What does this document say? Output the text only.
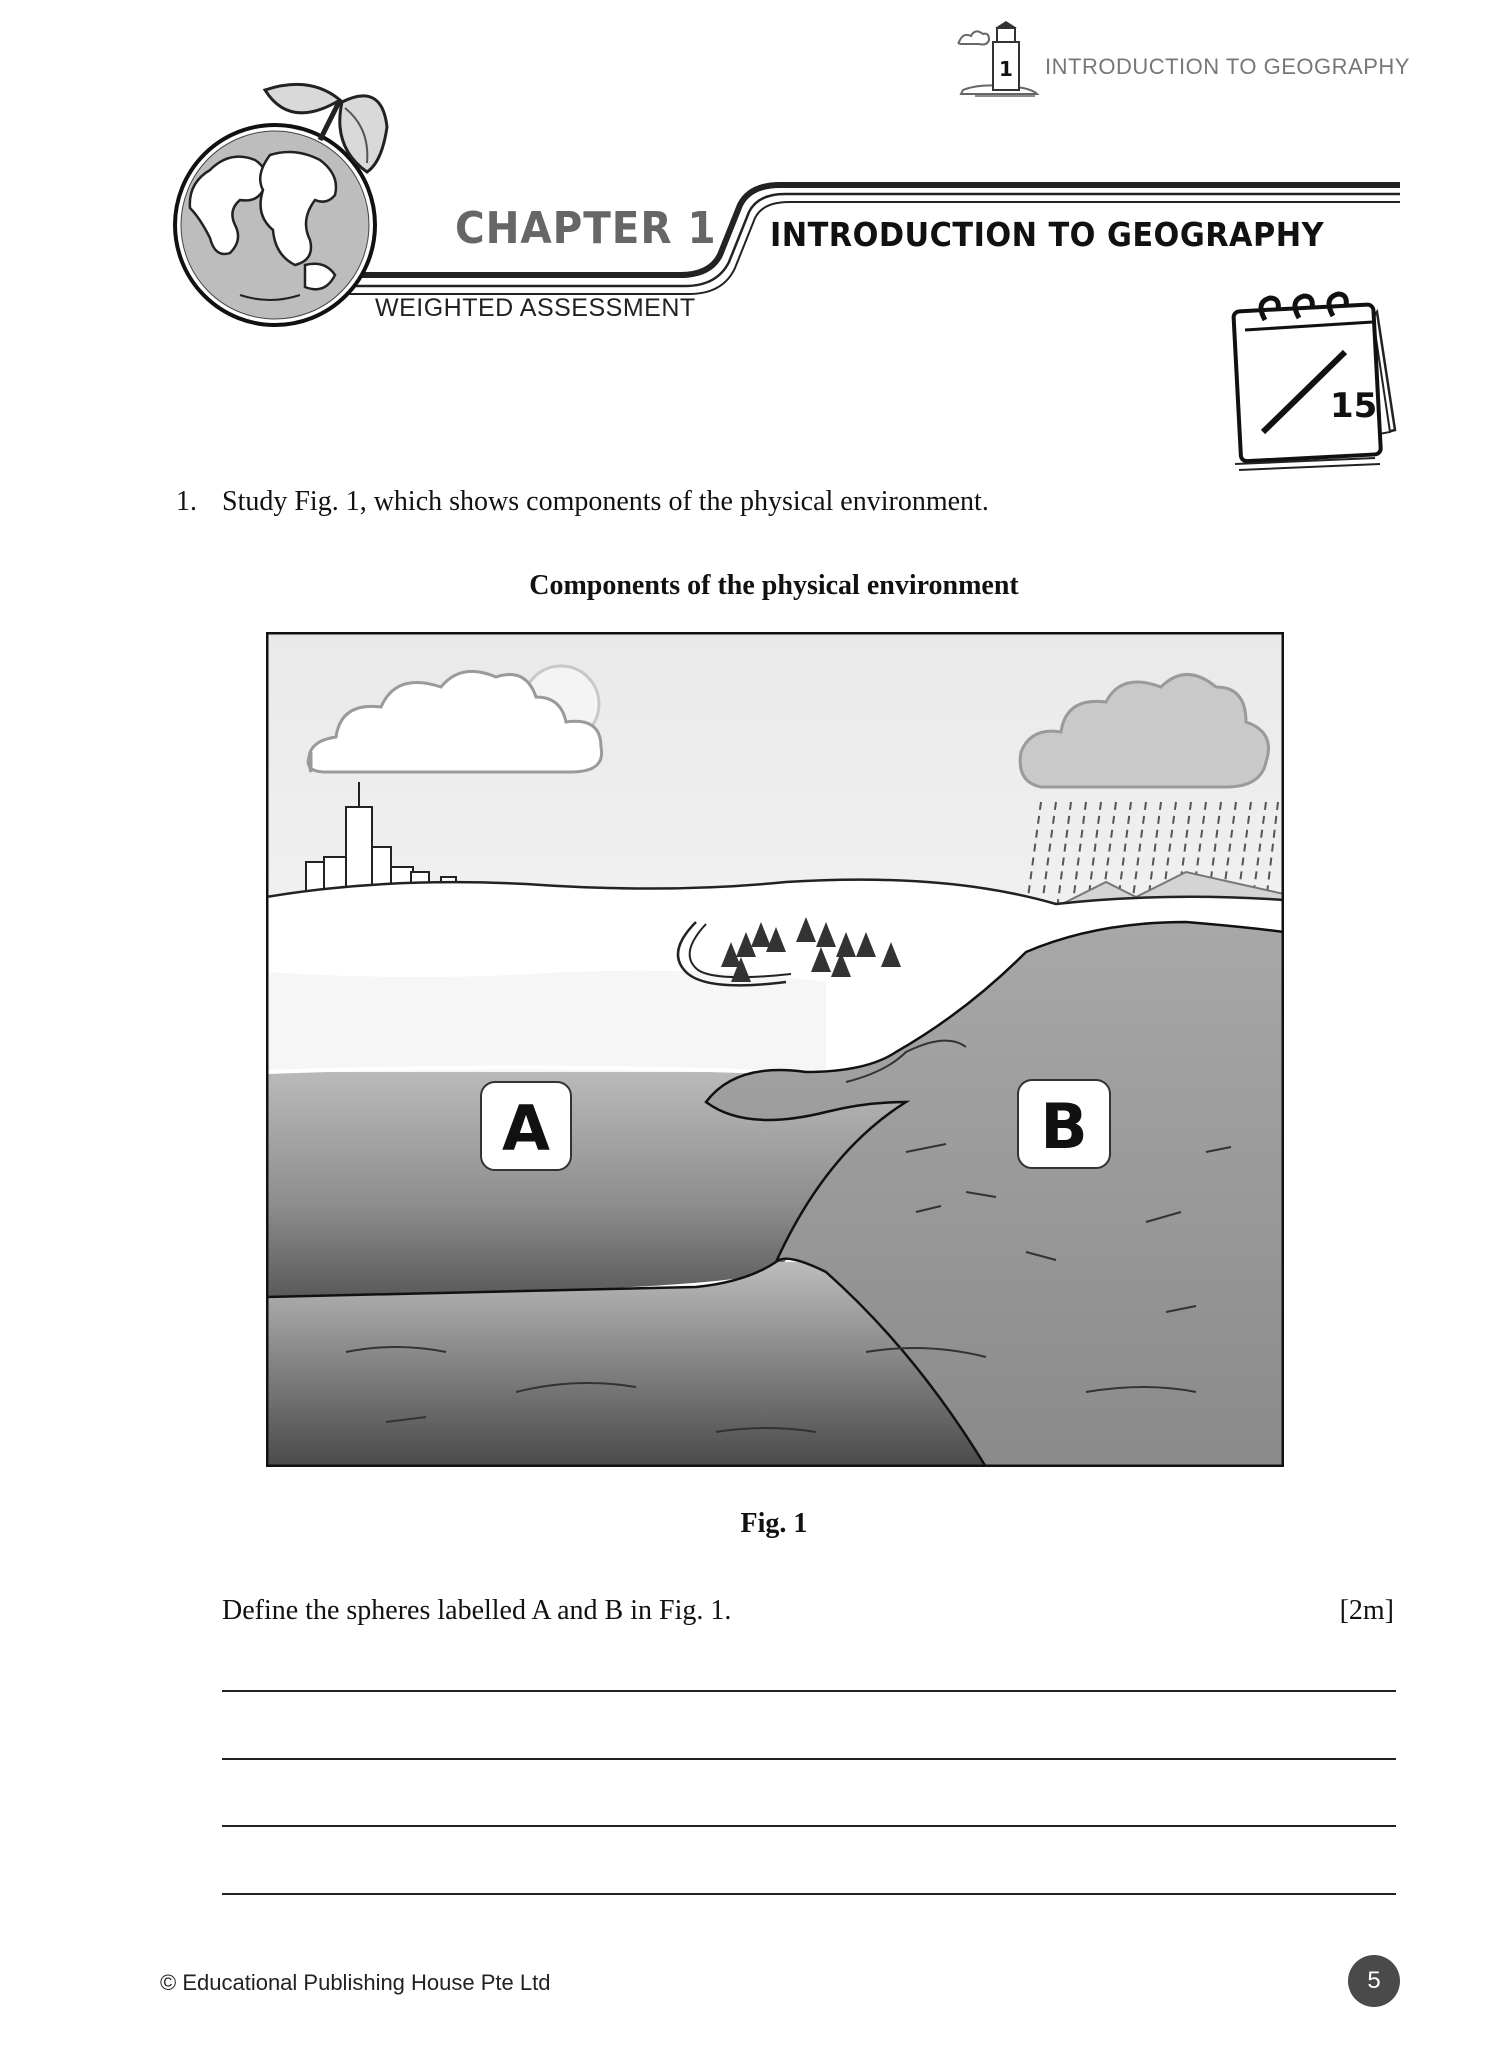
1 INTRODUCTION TO GEOGRAPHY
CHAPTER 1 INTRODUCTION TO GEOGRAPHY
WEIGHTED ASSESSMENT
15
1. Study Fig. 1, which shows components of the physical environment.
Components of the physical environment
A	B
Fig. 1
Define the spheres labelled A and B in Fig. 1.	[2m]
© Educational Publishing House Pte Ltd	5
